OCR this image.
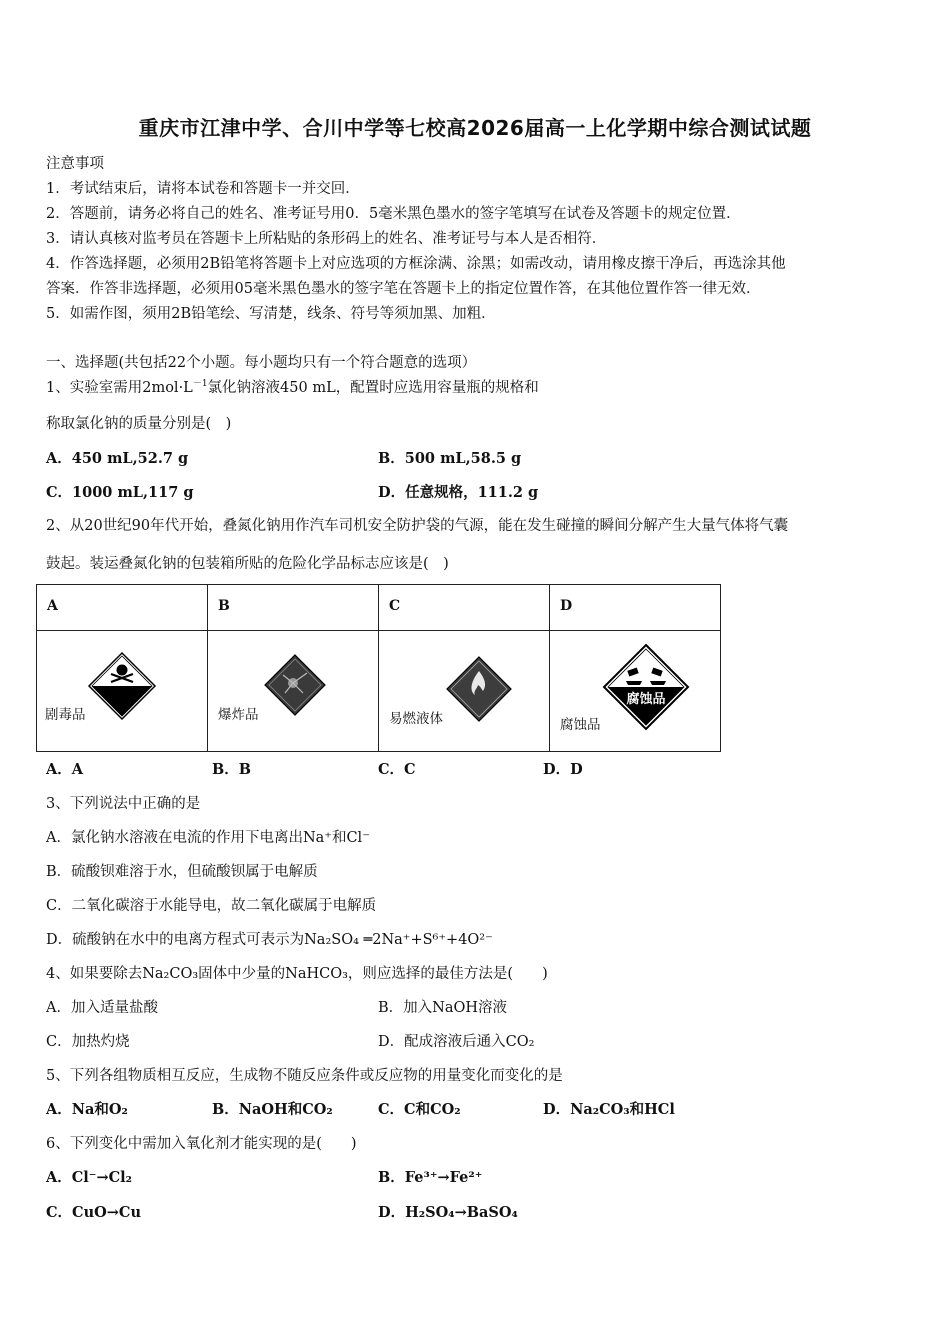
重庆市江津中学、合川中学等七校高2026届高一上化学期中综合测试试题
注意事项
1．考试结束后，请将本试卷和答题卡一并交回．
2．答题前，请务必将自己的姓名、准考证号用0．5毫米黑色墨水的签字笔填写在试卷及答题卡的规定位置．
3．请认真核对监考员在答题卡上所粘贴的条形码上的姓名、准考证号与本人是否相符．
4．作答选择题，必须用2B铅笔将答题卡上对应选项的方框涂满、涂黑；如需改动，请用橡皮擦干净后，再选涂其他
答案．作答非选择题，必须用05毫米黑色墨水的签字笔在答题卡上的指定位置作答，在其他位置作答一律无效．
5．如需作图，须用2B铅笔绘、写清楚，线条、符号等须加黑、加粗．
一、选择题(共包括22个小题。每小题均只有一个符合题意的选项）
1、实验室需用$2mol\cdot L^{-1}$氯化钠溶液450 mL，配置时应选用容量瓶的规格和
称取氯化钠的质量分别是(　)
A．450 mL,52.7 g	B．500 mL,58.5 g
C．1000 mL,117 g	D．任意规格，111.2 g
2、从20世纪90年代开始，叠氮化钠用作汽车司机安全防护袋的气源，能在发生碰撞的瞬间分解产生大量气体将气囊
鼓起。装运叠氮化钠的包装箱所贴的危险化学品标志应该是(　)
A	B	C	D

剧毒品	爆炸品	易燃液体	腐蚀品
腐蚀品
A．A	B．B	C．C	D．D
3、下列说法中正确的是
A．氯化钠水溶液在电流的作用下电离出Na⁺和Cl⁻
B．硫酸钡难溶于水，但硫酸钡属于电解质
C．二氧化碳溶于水能导电，故二氧化碳属于电解质
D．硫酸钠在水中的电离方程式可表示为Na₂SO₄ ═2Na⁺+S⁶⁺+4O²⁻
4、如果要除去Na₂CO₃固体中少量的NaHCO₃，则应选择的最佳方法是(　　)
A．加入适量盐酸	B．加入NaOH溶液
C．加热灼烧	D．配成溶液后通入CO₂
5、下列各组物质相互反应，生成物不随反应条件或反应物的用量变化而变化的是
A．Na和O₂	B．NaOH和CO₂	C．C和CO₂	D．Na₂CO₃和HCl
6、下列变化中需加入氧化剂才能实现的是(　　)
A．Cl⁻→Cl₂	B．Fe³⁺→Fe²⁺
C．CuO→Cu	D．H₂SO₄→BaSO₄
